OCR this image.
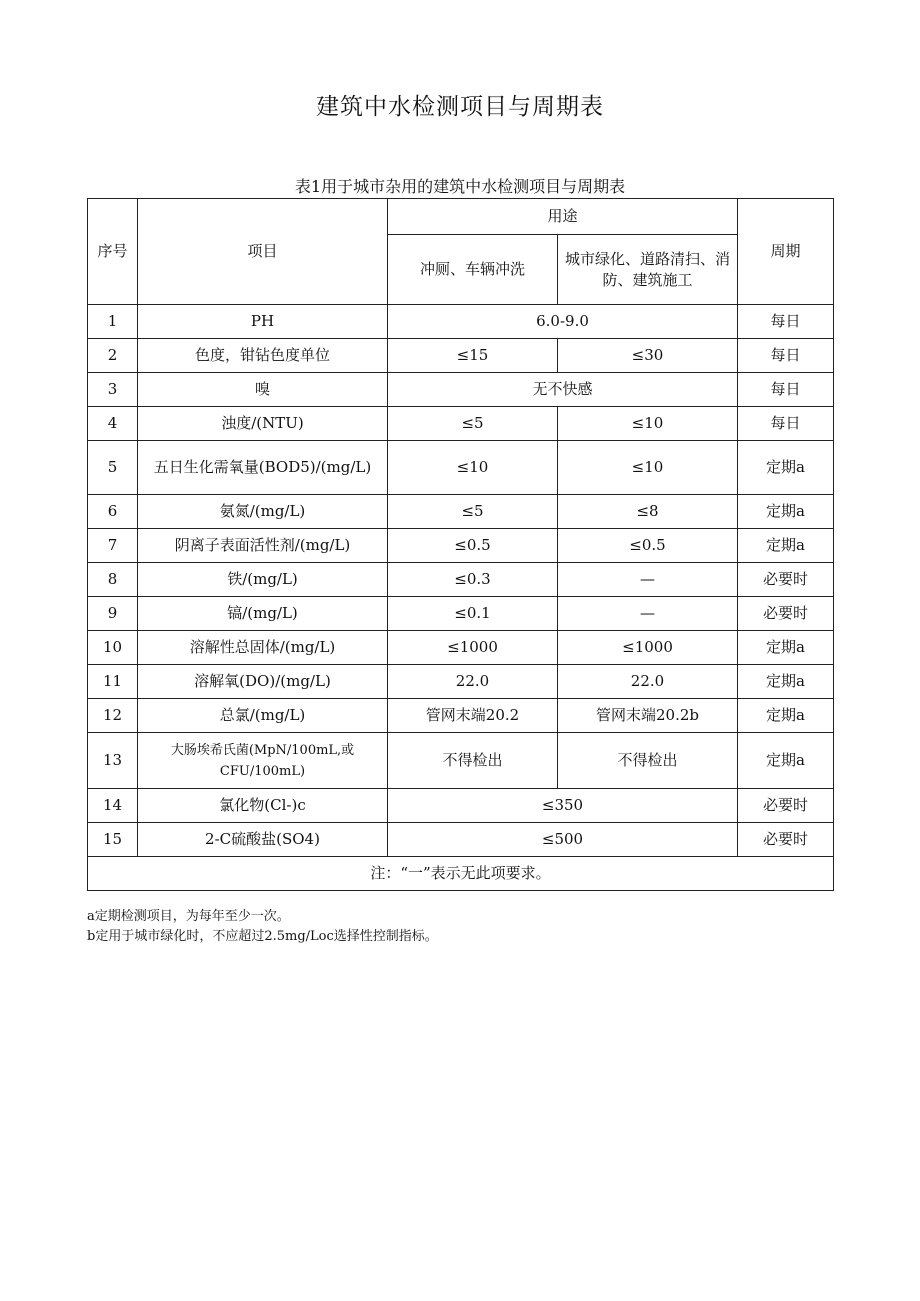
建筑中水检测项目与周期表
表1用于城市杂用的建筑中水检测项目与周期表
序号	项目	用途		周期
		冲厕、车辆冲洗	城市绿化、道路清扫、消防、建筑施工	
1	PH	6.0-9.0		每日
2	色度，钳钻色度单位	≤15	≤30	每日
3	嗅	无不快感		每日
4	浊度/(NTU)	≤5	≤10	每日
5	五日生化需氧量(BOD5)/(mg/L)	≤10	≤10	定期a
6	氨氮/(mg/L)	≤5	≤8	定期a
7	阴离子表面活性剂/(mg/L)	≤0.5	≤0.5	定期a
8	铁/(mg/L)	≤0.3	—	必要时
9	镐/(mg/L)	≤0.1	—	必要时
10	溶解性总固体/(mg/L)	≤1000	≤1000	定期a
11	溶解氧(DO)/(mg/L)	22.0	22.0	定期a
12	总氯/(mg/L)	管网末端20.2	管网末端20.2b	定期a
13	大肠埃希氏菌(MpN/100mL,或CFU/100mL)	不得检出	不得检出	定期a
14	氯化物(Cl-)c	≤350		必要时
15	2-C硫酸盐(SO4)	≤500		必要时
注：“一”表示无此项要求。				
a定期检测项目，为每年至少一次。
b定用于城市绿化时，不应超过2.5mg/Loc选择性控制指标。
